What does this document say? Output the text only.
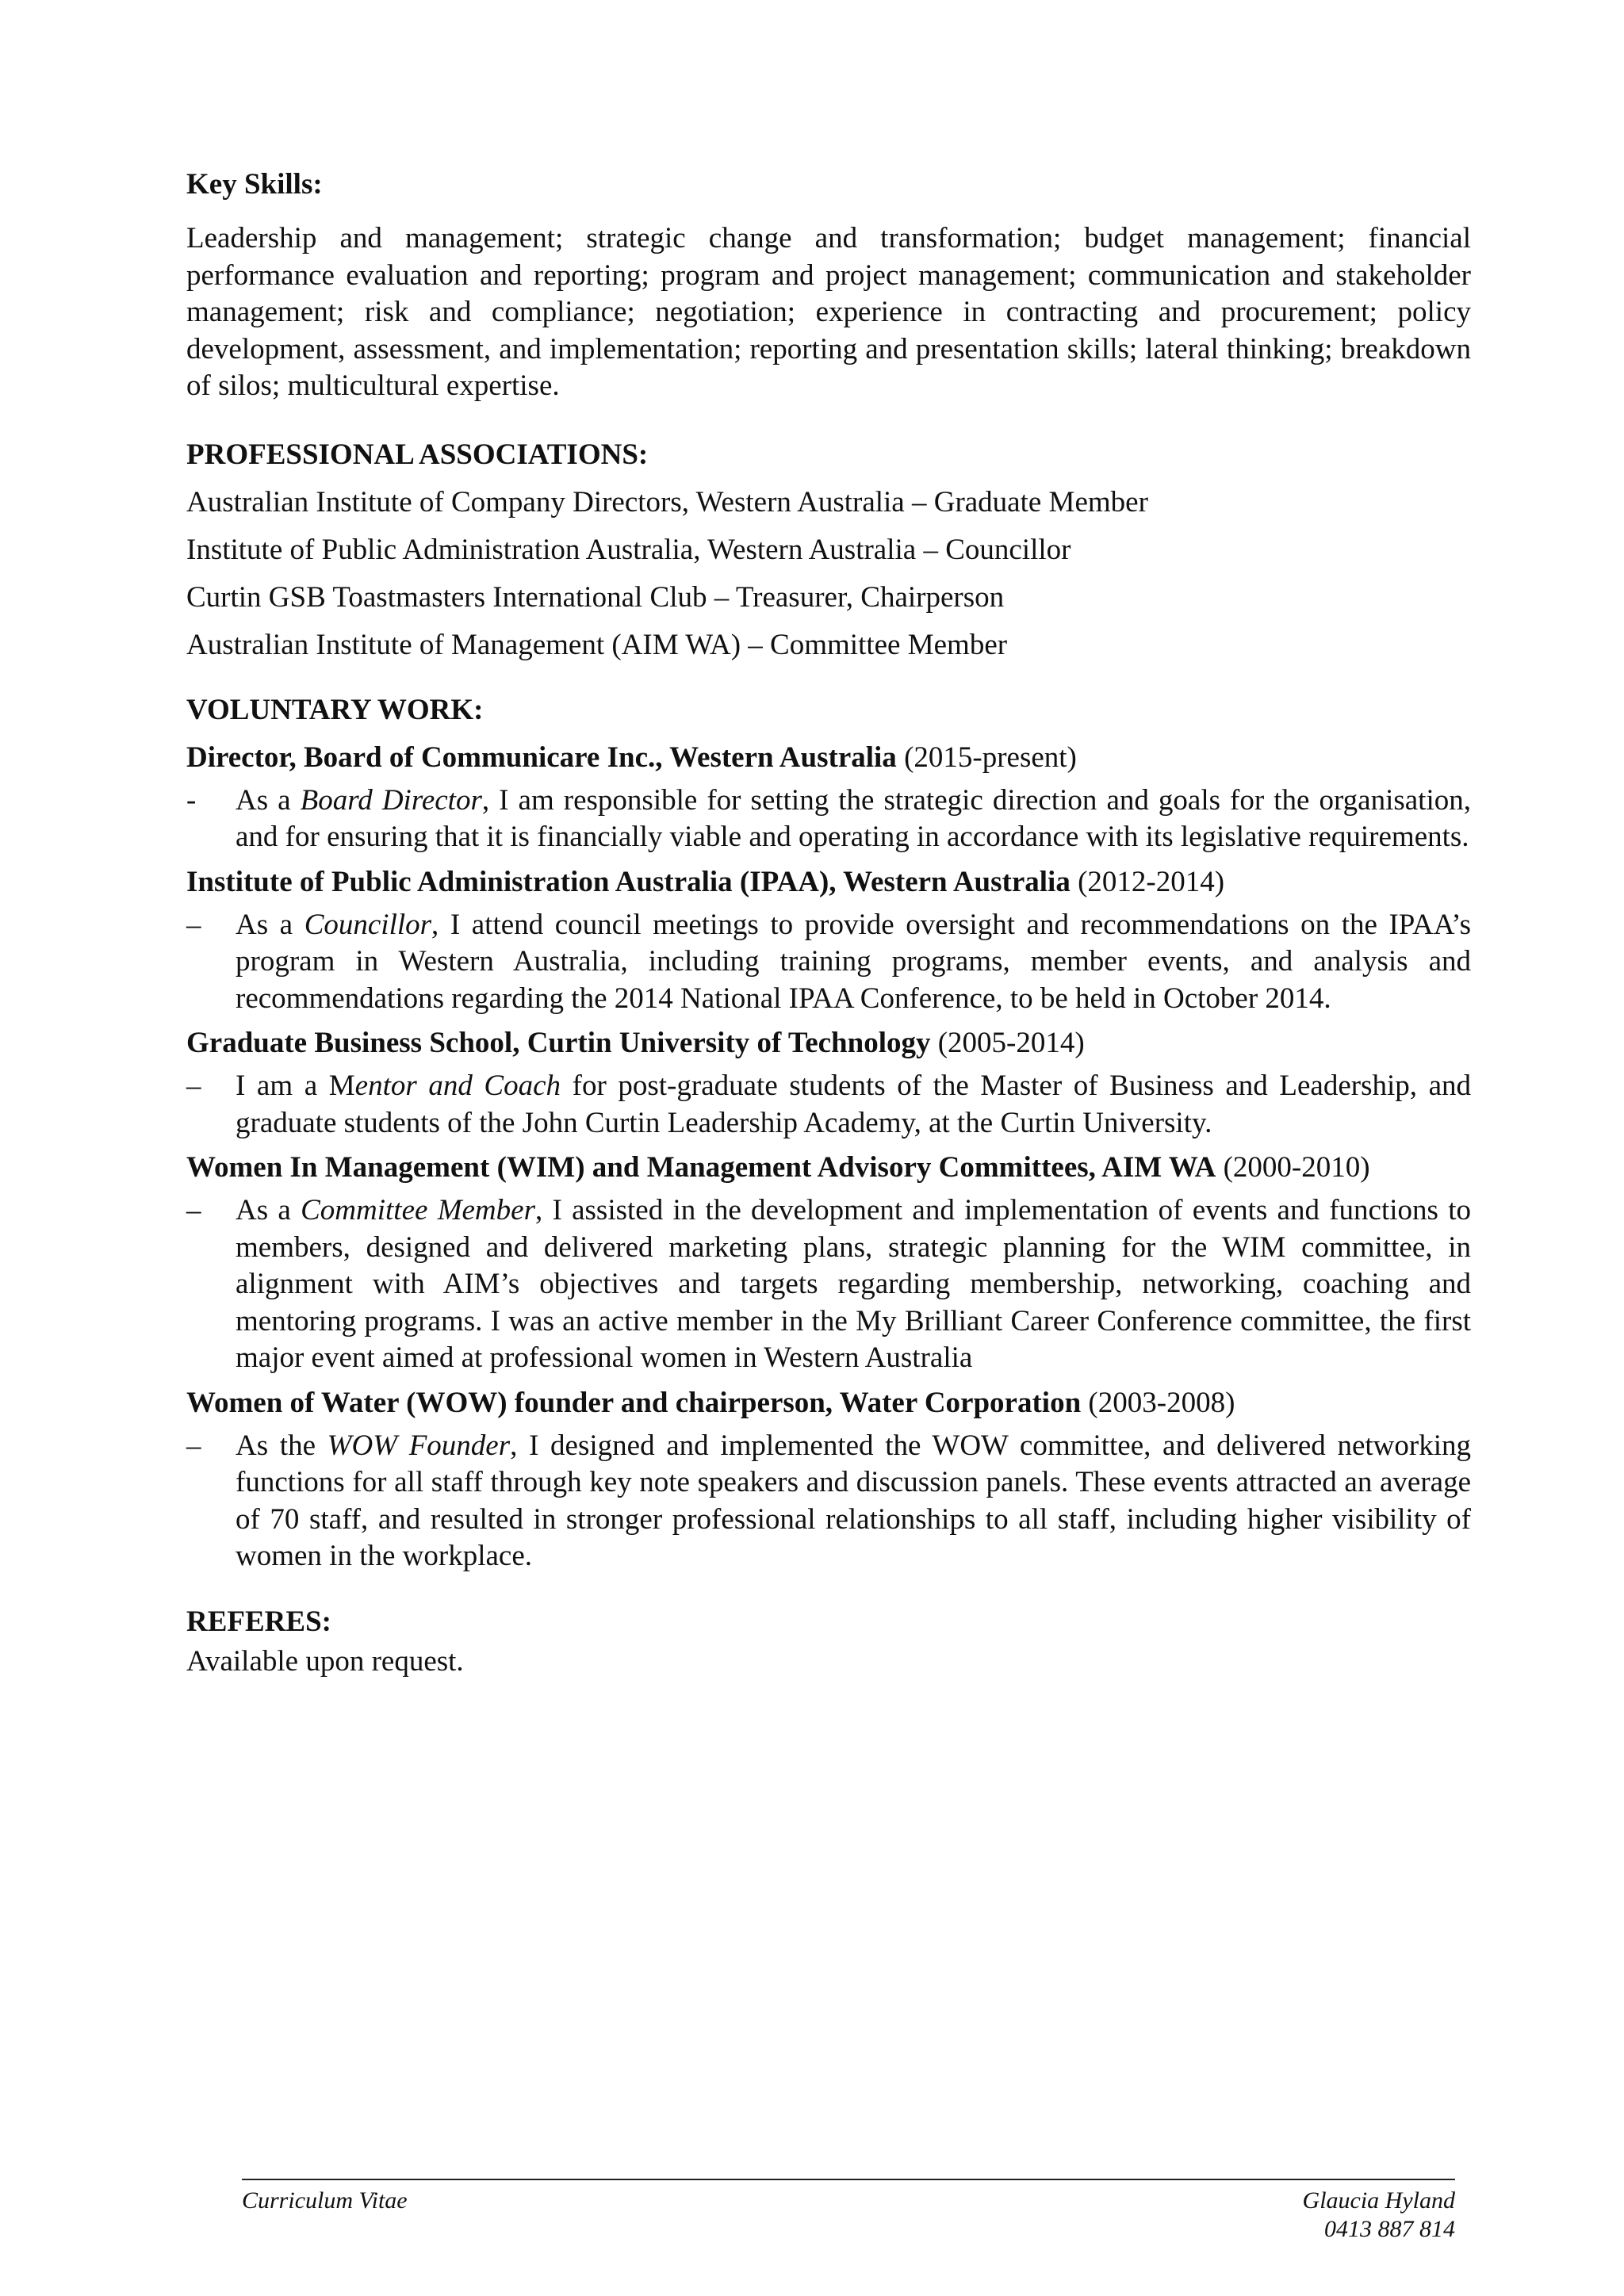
Key Skills:

Leadership and management; strategic change and transformation; budget management; financial performance evaluation and reporting; program and project management; communication and stakeholder management; risk and compliance; negotiation; experience in contracting and procurement; policy development, assessment, and implementation; reporting and presentation skills; lateral thinking; breakdown of silos; multicultural expertise.

PROFESSIONAL ASSOCIATIONS:
Australian Institute of Company Directors, Western Australia – Graduate Member
Institute of Public Administration Australia, Western Australia – Councillor
Curtin GSB Toastmasters International Club – Treasurer, Chairperson
Australian Institute of Management (AIM WA) – Committee Member
VOLUNTARY WORK:
Director, Board of Communicare Inc., Western Australia (2015-present)
-	As a Board Director, I am responsible for setting the strategic direction and goals for the organisation, and for ensuring that it is financially viable and operating in accordance with its legislative requirements.
Institute of Public Administration Australia (IPAA), Western Australia (2012-2014)
–	As a Councillor, I attend council meetings to provide oversight and recommendations on the IPAA’s program in Western Australia, including training programs, member events, and analysis and recommendations regarding the 2014 National IPAA Conference, to be held in October 2014.
Graduate Business School, Curtin University of Technology (2005-2014)
–	I am a Mentor and Coach for post-graduate students of the Master of Business and Leadership, and graduate students of the John Curtin Leadership Academy, at the Curtin University.
Women In Management (WIM) and Management Advisory Committees, AIM WA (2000-2010)
–	As a Committee Member, I assisted in the development and implementation of events and functions to members, designed and delivered marketing plans, strategic planning for the WIM committee, in alignment with AIM’s objectives and targets regarding membership, networking, coaching and mentoring programs. I was an active member in the My Brilliant Career Conference committee, the first major event aimed at professional women in Western Australia
Women of Water (WOW) founder and chairperson, Water Corporation (2003-2008)
–	As the WOW Founder, I designed and implemented the WOW committee, and delivered networking functions for all staff through key note speakers and discussion panels. These events attracted an average of 70 staff, and resulted in stronger professional relationships to all staff, including higher visibility of women in the workplace.
REFERES:

Available upon request.

Curriculum Vitae	Glaucia Hyland
0413 887 814
